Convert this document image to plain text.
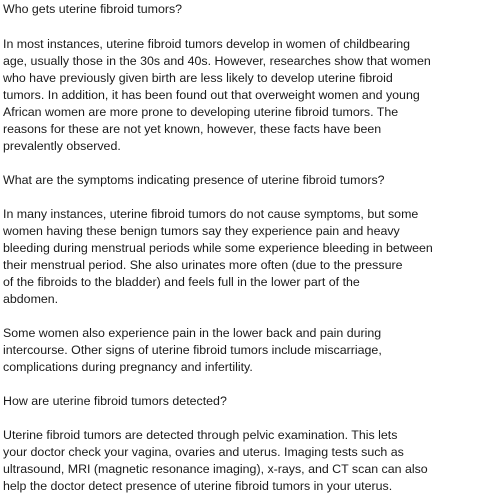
Who gets uterine fibroid tumors?
In most instances, uterine fibroid tumors develop in women of childbearing
age, usually those in the 30s and 40s. However, researches show that women
who have previously given birth are less likely to develop uterine fibroid
tumors. In addition, it has been found out that overweight women and young
African women are more prone to developing uterine fibroid tumors. The
reasons for these are not yet known, however, these facts have been
prevalently observed.
What are the symptoms indicating presence of uterine fibroid tumors?
In many instances, uterine fibroid tumors do not cause symptoms, but some
women having these benign tumors say they experience pain and heavy
bleeding during menstrual periods while some experience bleeding in between
their menstrual period. She also urinates more often (due to the pressure
of the fibroids to the bladder) and feels full in the lower part of the
abdomen.
Some women also experience pain in the lower back and pain during
intercourse. Other signs of uterine fibroid tumors include miscarriage,
complications during pregnancy and infertility.
How are uterine fibroid tumors detected?
Uterine fibroid tumors are detected through pelvic examination. This lets
your doctor check your vagina, ovaries and uterus. Imaging tests such as
ultrasound, MRI (magnetic resonance imaging), x-rays, and CT scan can also
help the doctor detect presence of uterine fibroid tumors in your uterus.
